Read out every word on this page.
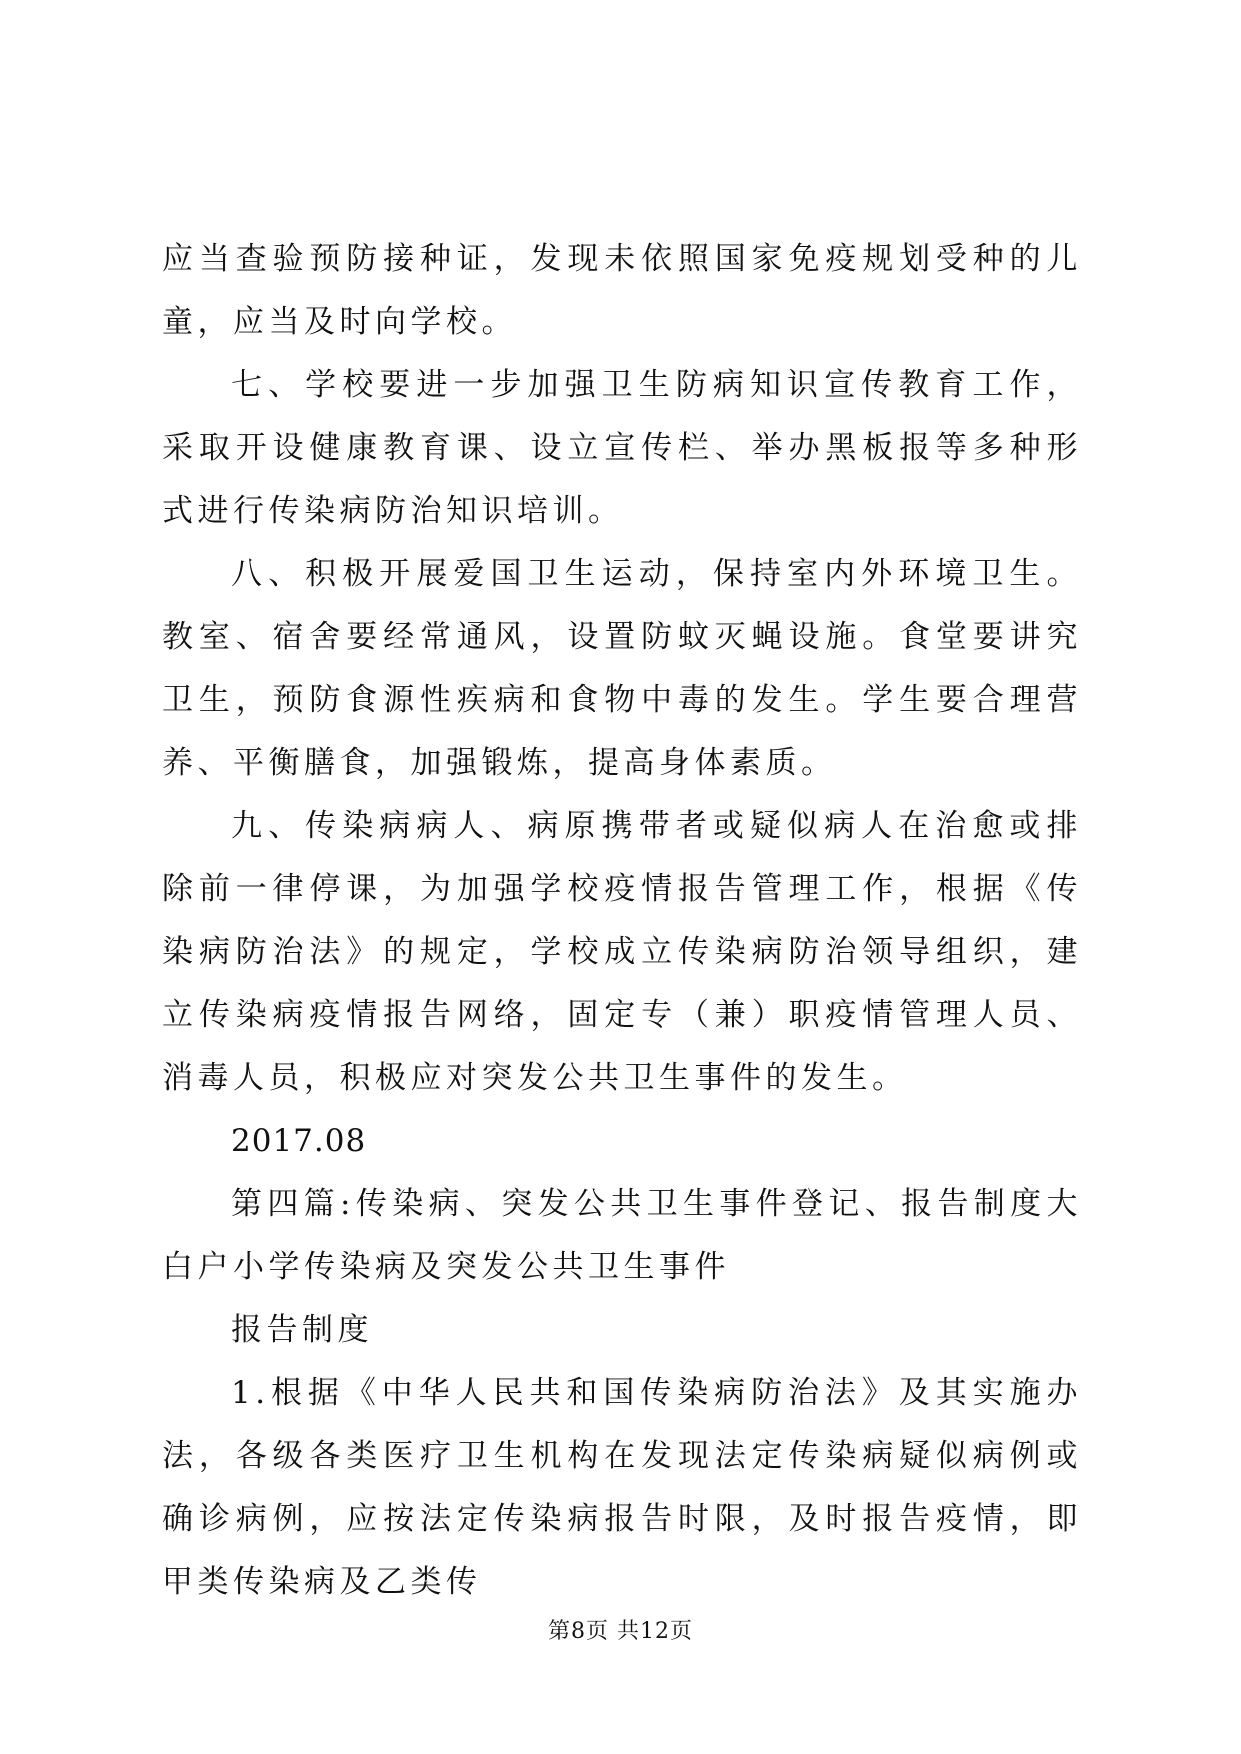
应当查验预防接种证，发现未依照国家免疫规划受种的儿童，应当及时向学校。

七、学校要进一步加强卫生防病知识宣传教育工作，采取开设健康教育课、设立宣传栏、举办黑板报等多种形式进行传染病防治知识培训。

八、积极开展爱国卫生运动，保持室内外环境卫生。教室、宿舍要经常通风，设置防蚊灭蝇设施。食堂要讲究卫生，预防食源性疾病和食物中毒的发生。学生要合理营养、平衡膳食，加强锻炼，提高身体素质。

九、传染病病人、病原携带者或疑似病人在治愈或排除前一律停课，为加强学校疫情报告管理工作，根据《传染病防治法》的规定，学校成立传染病防治领导组织，建立传染病疫情报告网络，固定专（兼）职疫情管理人员、消毒人员，积极应对突发公共卫生事件的发生。

2017.08

第四篇:传染病、突发公共卫生事件登记、报告制度大白户小学传染病及突发公共卫生事件

报告制度

1.根据《中华人民共和国传染病防治法》及其实施办法，各级各类医疗卫生机构在发现法定传染病疑似病例或确诊病例，应按法定传染病报告时限，及时报告疫情，即甲类传染病及乙类传

第8页 共12页
